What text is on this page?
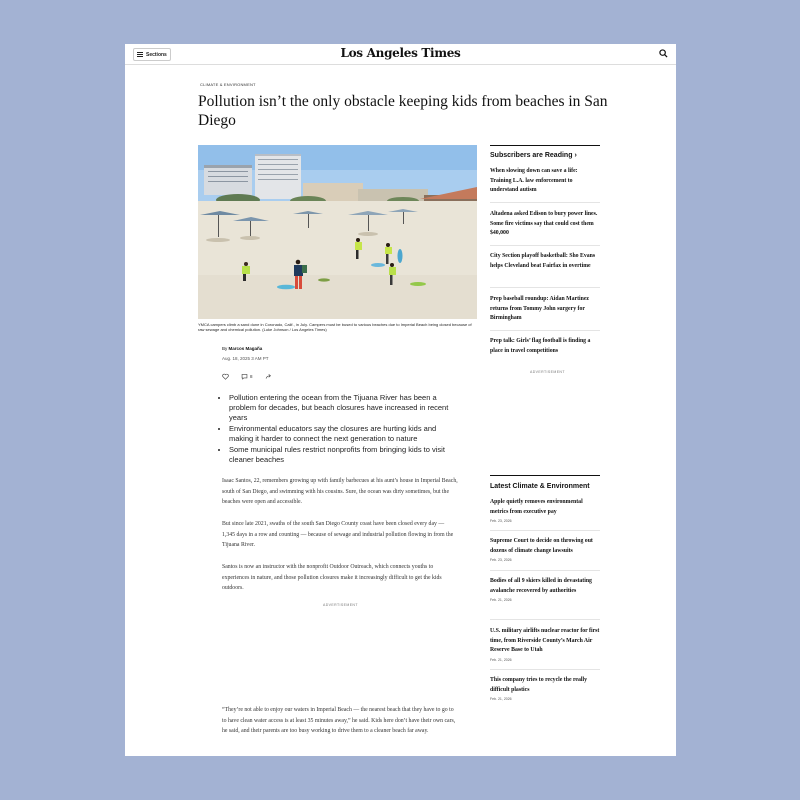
Sections	Los Angeles Times
CLIMATE & ENVIRONMENT
Pollution isn’t the only obstacle keeping kids from beaches in San Diego
YMCA campers climb a sand dune in Coronado, Calif., in July. Campers must be bused to various beaches due to Imperial Beach being closed because of raw sewage and chemical pollution. (Luke Johnson / Los Angeles Times)
By Marcos Magaña
Aug. 18, 2025 3 AM PT
8
• Pollution entering the ocean from the Tijuana River has been a problem for decades, but beach closures have increased in recent years
• Environmental educators say the closures are hurting kids and making it harder to connect the next generation to nature
• Some municipal rules restrict nonprofits from bringing kids to visit cleaner beaches

Isaac Santos, 22, remembers growing up with family barbecues at his aunt’s house in Imperial Beach, south of San Diego, and swimming with his cousins. Sure, the ocean was dirty sometimes, but the beaches were open and accessible.

But since late 2021, swaths of the south San Diego County coast have been closed every day — 1,345 days in a row and counting — because of sewage and industrial pollution flowing in from the Tijuana River.

Santos is now an instructor with the nonprofit Outdoor Outreach, which connects youths to experiences in nature, and those pollution closures make it increasingly difficult to get the kids outdoors.

ADVERTISEMENT

“They’re not able to enjoy our waters in Imperial Beach — the nearest beach that they have to go to to have clean water access is at least 35 minutes away,” he said. Kids here don’t have their own cars, he said, and their parents are too busy working to drive them to a cleaner beach far away.

Subscribers are Reading ›
When slowing down can save a life: Training L.A. law enforcement to understand autism
Altadena asked Edison to bury power lines. Some fire victims say that could cost them $40,000
City Section playoff basketball: Sho Evans helps Cleveland beat Fairfax in overtime
Prep baseball roundup: Aidan Martinez returns from Tommy John surgery for Birmingham
Prep talk: Girls’ flag football is finding a place in travel competitions
ADVERTISEMENT
Latest Climate & Environment
Apple quietly removes environmental metrics from executive pay
Feb. 23, 2026
Supreme Court to decide on throwing out dozens of climate change lawsuits
Feb. 23, 2026
Bodies of all 9 skiers killed in devastating avalanche recovered by authorities
Feb. 21, 2026
U.S. military airlifts nuclear reactor for first time, from Riverside County’s March Air Reserve Base to Utah
Feb. 21, 2026
This company tries to recycle the really difficult plastics
Feb. 21, 2026
